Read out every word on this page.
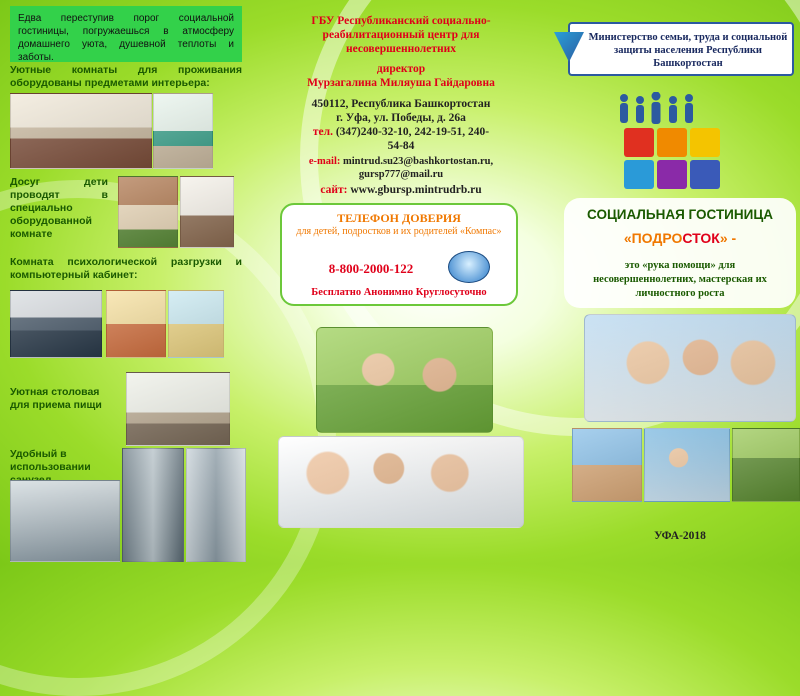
Едва переступив порог социальной гостиницы, погружаешься в атмосферу домашнего уюта, душевной теплоты и заботы.
Уютные комнаты для проживания оборудованы предметами интерьера:
Досуг дети проводят в специально оборудованной комнате
Комната психологической разгрузки и компьютерный кабинет:
Уютная столовая для приема пищи
Удобный в использовании
ГБУ Республиканский социально-реабилитационный центр для несовершеннолетних
директор
Мурзагалина Миляуша Гайдаровна
450112, Республика Башкортостан
г. Уфа, ул. Победы, д. 26а
тел. (347)240-32-10, 242-19-51, 240-54-84
e-mail: mintrud.su23@bashkortostan.ru, gursp777@mail.ru
сайт: www.gbursp.mintrudrb.ru
ТЕЛЕФОН ДОВЕРИЯ
для детей, подростков и их родителей «Компас»
8-800-2000-122
Бесплатно Анонимно Круглосуточно
Министерство семьи, труда и социальной защиты населения Республики Башкортостан
СОЦИАЛЬНАЯ ГОСТИНИЦА
«ПОДРОСТОК» -
это «рука помощи» для несовершеннолетних, мастерская их личностного роста
УФА-2018
